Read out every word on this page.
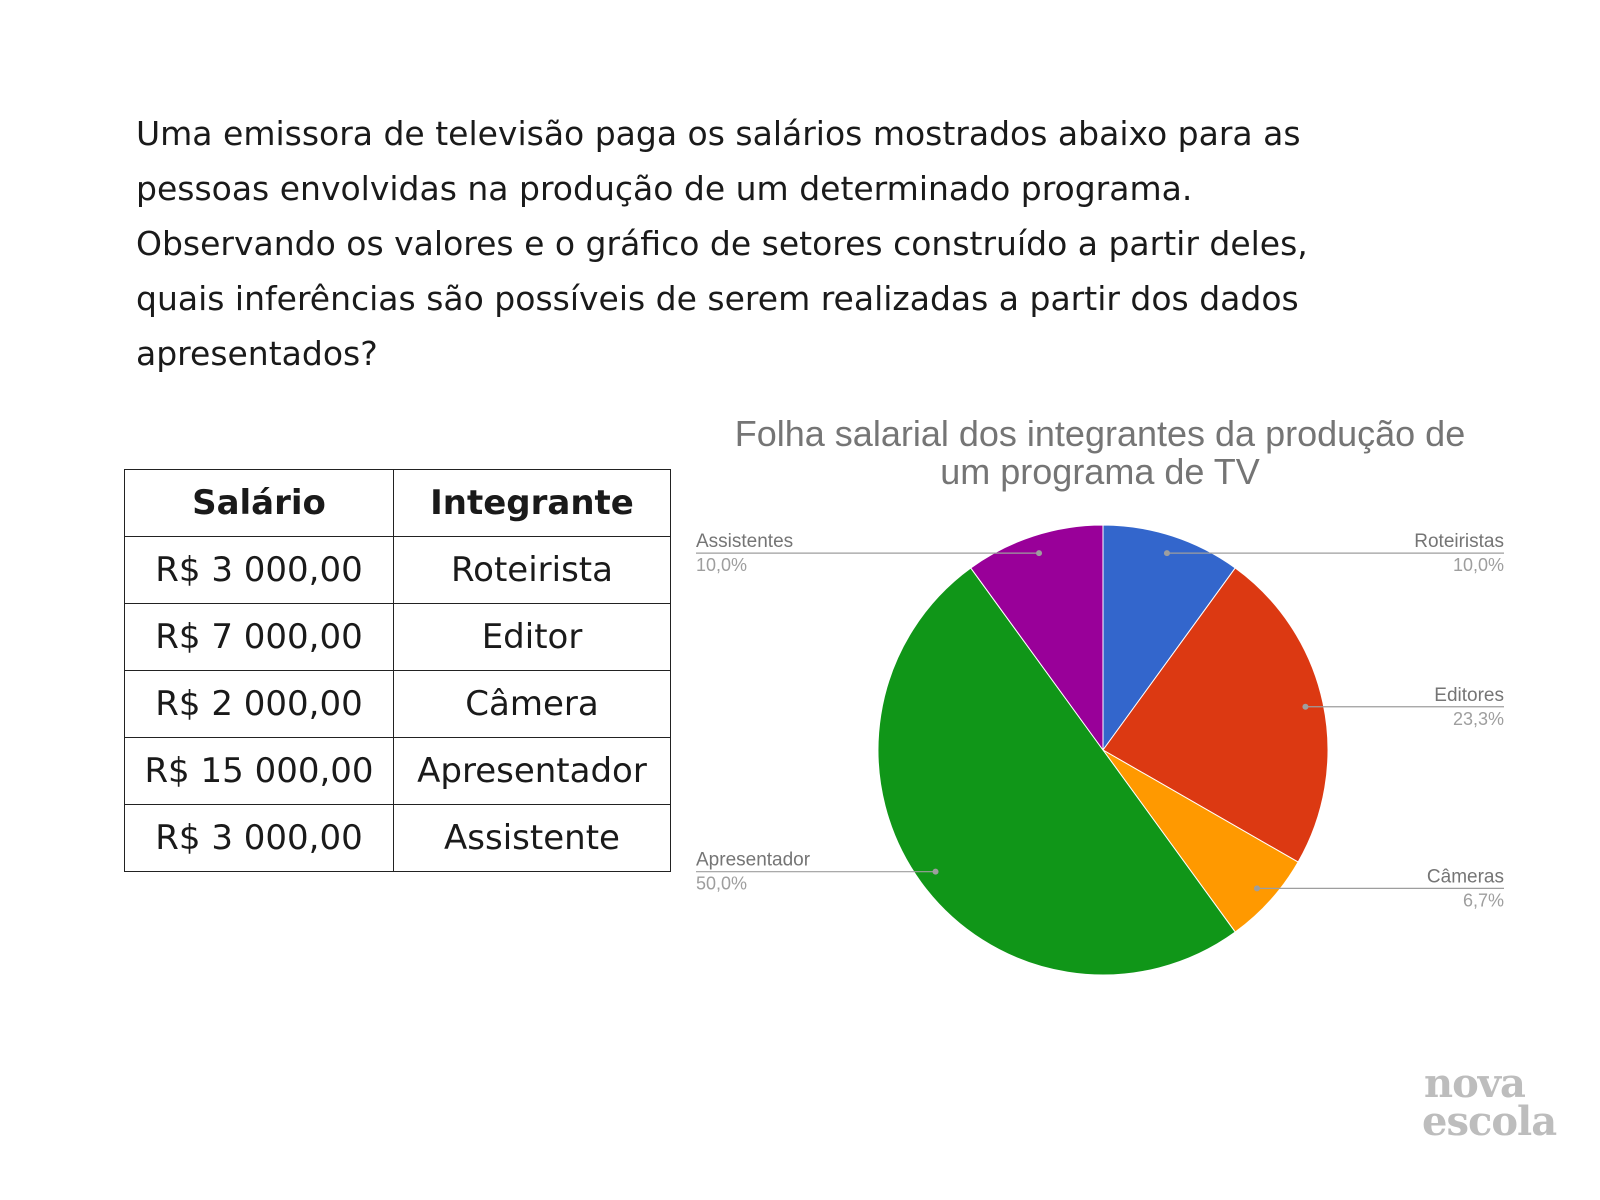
Uma emissora de televisão paga os salários mostrados abaixo para as
pessoas envolvidas na produção de um determinado programa.
Observando os valores e o gráfico de setores construído a partir deles,
quais inferências são possíveis de serem realizadas a partir dos dados
apresentados?
Salário	Integrante
R$ 3 000,00	Roteirista
R$ 7 000,00	Editor
R$ 2 000,00	Câmera
R$ 15 000,00	Apresentador
R$ 3 000,00	Assistente
Folha salarial dos integrantes da produção de
um programa de TV
Roteiristas
10,0%
Editores
23,3%
Câmeras
6,7%
Apresentador
50,0%
Assistentes
10,0%
nova
escola
